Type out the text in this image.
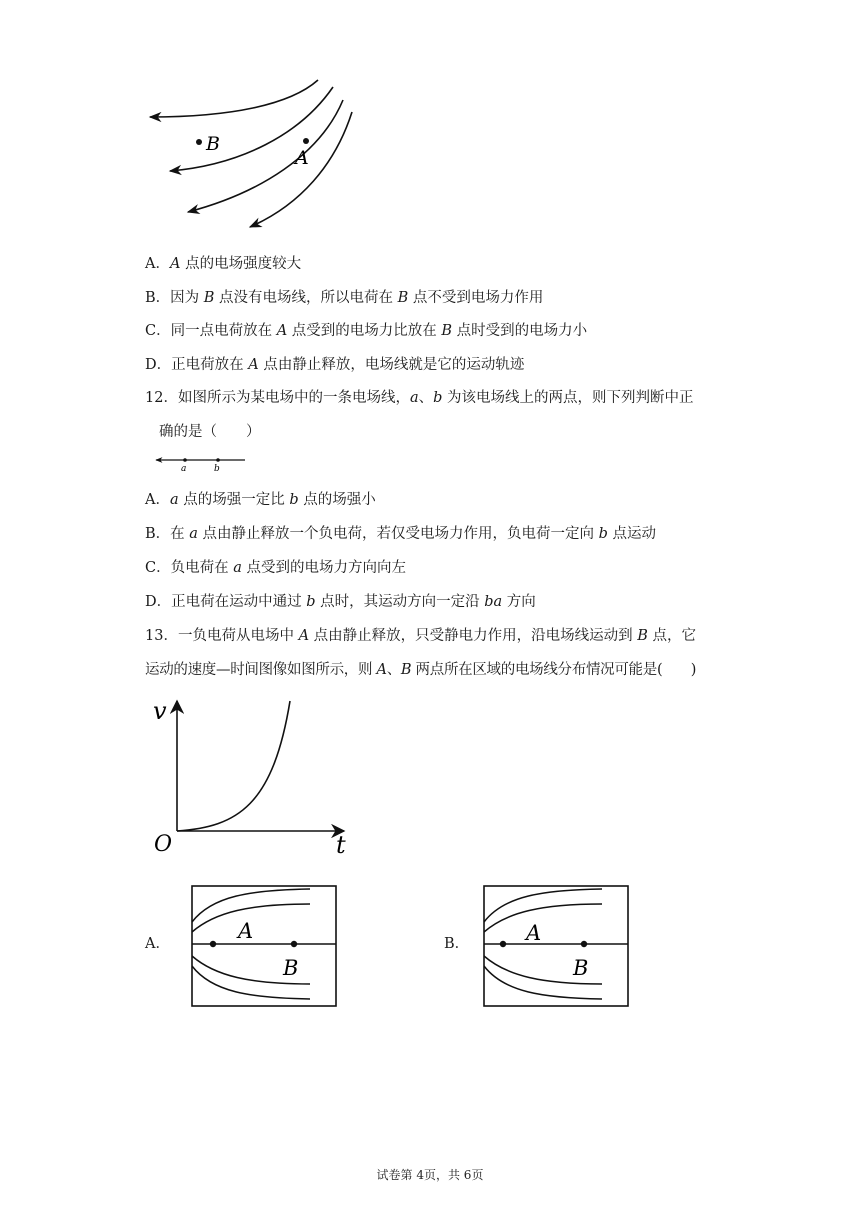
B
A
A．A 点的电场强度较大
B．因为 B 点没有电场线，所以电荷在 B 点不受到电场力作用
C．同一点电荷放在 A 点受到的电场力比放在 B 点时受到的电场力小
D．正电荷放在 A 点由静止释放，电场线就是它的运动轨迹
12．如图所示为某电场中的一条电场线，a、b 为该电场线上的两点，则下列判断中正
确的是（　　）
a	b
A．a 点的场强一定比 b 点的场强小
B．在 a 点由静止释放一个负电荷，若仅受电场力作用，负电荷一定向 b 点运动
C．负电荷在 a 点受到的电场力方向向左
D．正电荷在运动中通过 b 点时，其运动方向一定沿 ba 方向
13．一负电荷从电场中 A 点由静止释放，只受静电力作用，沿电场线运动到 B 点，它
运动的速度—时间图像如图所示，则 A、B 两点所在区域的电场线分布情况可能是(　　)
v
t
O
A．
A
B
B．	A
B
试卷第 4页，共 6页
